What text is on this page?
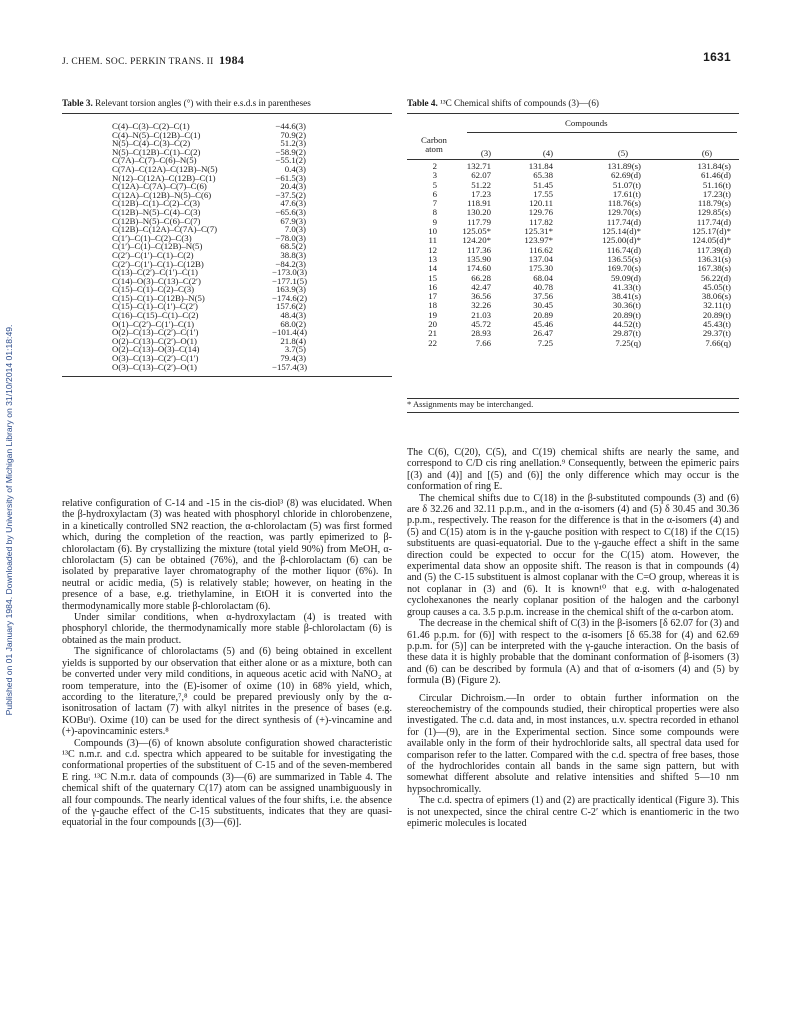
Published on 01 January 1984. Downloaded by University of Michigan Library on 31/10/2014 01:18:49.
J. CHEM. SOC. PERKIN TRANS. II 1984	1631
Table 3. Relevant torsion angles (°) with their e.s.d.s in parentheses
C(4)–C(3)–C(2)–C(1)	−44.6(3)
C(4)–N(5)–C(12B)–C(1)	70.9(2)
N(5)–C(4)–C(3)–C(2)	51.2(3)
N(5)–C(12B)–C(1)–C(2)	−58.9(2)
C(7A)–C(7)–C(6)–N(5)	−55.1(2)
C(7A)–C(12A)–C(12B)–N(5)	0.4(3)
N(12)–C(12A)–C(12B)–C(1)	−61.5(3)
C(12A)–C(7A)–C(7)–C(6)	20.4(3)
C(12A)–C(12B)–N(5)–C(6)	−37.5(2)
C(12B)–C(1)–C(2)–C(3)	47.6(3)
C(12B)–N(5)–C(4)–C(3)	−65.6(3)
C(12B)–N(5)–C(6)–C(7)	67.9(3)
C(12B)–C(12A)–C(7A)–C(7)	7.0(3)
C(1′)–C(1)–C(2)–C(3)	−78.0(3)
C(1′)–C(1)–C(12B)–N(5)	68.5(2)
C(2′)–C(1′)–C(1)–C(2)	38.8(3)
C(2′)–C(1′)–C(1)–C(12B)	−84.2(3)
C(13)–C(2′)–C(1′)–C(1)	−173.0(3)
C(14)–O(3)–C(13)–C(2′)	−177.1(5)
C(15)–C(1)–C(2)–C(3)	163.9(3)
C(15)–C(1)–C(12B)–N(5)	−174.6(2)
C(15)–C(1)–C(1′)–C(2′)	157.6(2)
C(16)–C(15)–C(1)–C(2)	48.4(3)
O(1)–C(2′)–C(1′)–C(1)	68.0(2)
O(2)–C(13)–C(2′)–C(1′)	−101.4(4)
O(2)–C(13)–C(2′)–O(1)	21.8(4)
O(2)–C(13)–O(3)–C(14)	3.7(5)
O(3)–C(13)–C(2′)–C(1′)	79.4(3)
O(3)–C(13)–C(2′)–O(1)	−157.4(3)
Table 4. ¹³C Chemical shifts of compounds (3)—(6)
Compounds
Carbon
atom	(3)	(4)	(5)	(6)
2	132.71	131.84	131.89(s)	131.84(s)
3	62.07	65.38	62.69(d)	61.46(d)
5	51.22	51.45	51.07(t)	51.16(t)
6	17.23	17.55	17.61(t)	17.23(t)
7	118.91	120.11	118.76(s)	118.79(s)
8	130.20	129.76	129.70(s)	129.85(s)
9	117.79	117.82	117.74(d)	117.74(d)
10	125.05*	125.31*	125.14(d)*	125.17(d)*
11	124.20*	123.97*	125.00(d)*	124.05(d)*
12	117.36	116.62	116.74(d)	117.39(d)
13	135.90	137.04	136.55(s)	136.31(s)
14	174.60	175.30	169.70(s)	167.38(s)
15	66.28	68.04	59.09(d)	56.22(d)
16	42.47	40.78	41.33(t)	45.05(t)
17	36.56	37.56	38.41(s)	38.06(s)
18	32.26	30.45	30.36(t)	32.11(t)
19	21.03	20.89	20.89(t)	20.89(t)
20	45.72	45.46	44.52(t)	45.43(t)
21	28.93	26.47	29.87(t)	29.37(t)
22	7.66	7.25	7.25(q)	7.66(q)
* Assignments may be interchanged.

relative configuration of C-14 and -15 in the cis-diol³ (8) was elucidated. When the β-hydroxylactam (3) was heated with phosphoryl chloride in chlorobenzene, in a kinetically controlled SN2 reaction, the α-chlorolactam (5) was first formed which, during the completion of the reaction, was partly epimerized to β-chlorolactam (6). By crystallizing the mixture (total yield 90%) from MeOH, α-chlorolactam (5) can be obtained (76%), and the β-chlorolactam (6) can be isolated by preparative layer chromatography of the mother liquor (6%). In neutral or acidic media, (5) is relatively stable; however, on heating in the presence of a base, e.g. triethylamine, in EtOH it is converted into the thermodynamically more stable β-chlorolactam (6).

Under similar conditions, when α-hydroxylactam (4) is treated with phosphoryl chloride, the thermodynamically more stable β-chlorolactam (6) is obtained as the main product.

The significance of chlorolactams (5) and (6) being obtained in excellent yields is supported by our observation that either alone or as a mixture, both can be converted under very mild conditions, in aqueous acetic acid with NaNO₂ at room temperature, into the (E)-isomer of oxime (10) in 68% yield, which, according to the literature,⁷,⁸ could be prepared previously only by the α-isonitrosation of lactam (7) with alkyl nitrites in the presence of bases (e.g. KOBuᵗ). Oxime (10) can be used for the direct synthesis of (+)-vincamine and (+)-apovincaminic esters.⁸

Compounds (3)—(6) of known absolute configuration showed characteristic ¹³C n.m.r. and c.d. spectra which appeared to be suitable for investigating the conformational properties of the substituent of C-15 and of the seven-membered E ring. ¹³C N.m.r. data of compounds (3)—(6) are summarized in Table 4. The chemical shift of the quaternary C(17) atom can be assigned unambiguously in all four compounds. The nearly identical values of the four shifts, i.e. the absence of the γ-gauche effect of the C-15 substituents, indicates that they are quasi-equatorial in the four compounds [(3)—(6)].

The C(6), C(20), C(5), and C(19) chemical shifts are nearly the same, and correspond to C/D cis ring anellation.⁹ Consequently, between the epimeric pairs [(3) and (4)] and [(5) and (6)] the only difference which may occur is the conformation of ring E.

The chemical shifts due to C(18) in the β-substituted compounds (3) and (6) are δ 32.26 and 32.11 p.p.m., and in the α-isomers (4) and (5) δ 30.45 and 30.36 p.p.m., respectively. The reason for the difference is that in the α-isomers (4) and (5) and C(15) atom is in the γ-gauche position with respect to C(18) if the C(15) substituents are quasi-equatorial. Due to the γ-gauche effect a shift in the same direction could be expected to occur for the C(15) atom. However, the experimental data show an opposite shift. The reason is that in compounds (4) and (5) the C-15 substituent is almost coplanar with the C=O group, whereas it is not coplanar in (3) and (6). It is known¹⁰ that e.g. with α-halogenated cyclohexanones the nearly coplanar position of the halogen and the carbonyl group causes a ca. 3.5 p.p.m. increase in the chemical shift of the α-carbon atom.

The decrease in the chemical shift of C(3) in the β-isomers [δ 62.07 for (3) and 61.46 p.p.m. for (6)] with respect to the α-isomers [δ 65.38 for (4) and 62.69 p.p.m. for (5)] can be interpreted with the γ-gauche interaction. On the basis of these data it is highly probable that the dominant conformation of β-isomers (3) and (6) can be described by formula (A) and that of α-isomers (4) and (5) by formula (B) (Figure 2).

Circular Dichroism.—In order to obtain further information on the stereochemistry of the compounds studied, their chiroptical properties were also investigated. The c.d. data and, in most instances, u.v. spectra recorded in ethanol for (1)—(9), are in the Experimental section. Since some compounds were available only in the form of their hydrochloride salts, all spectral data used for comparison refer to the latter. Compared with the c.d. spectra of free bases, those of the hydrochlorides contain all bands in the same sign pattern, but with somewhat different absolute and relative intensities and shifted 5—10 nm hypsochromically.

The c.d. spectra of epimers (1) and (2) are practically identical (Figure 3). This is not unexpected, since the chiral centre C-2′ which is enantiomeric in the two epimeric molecules is located
